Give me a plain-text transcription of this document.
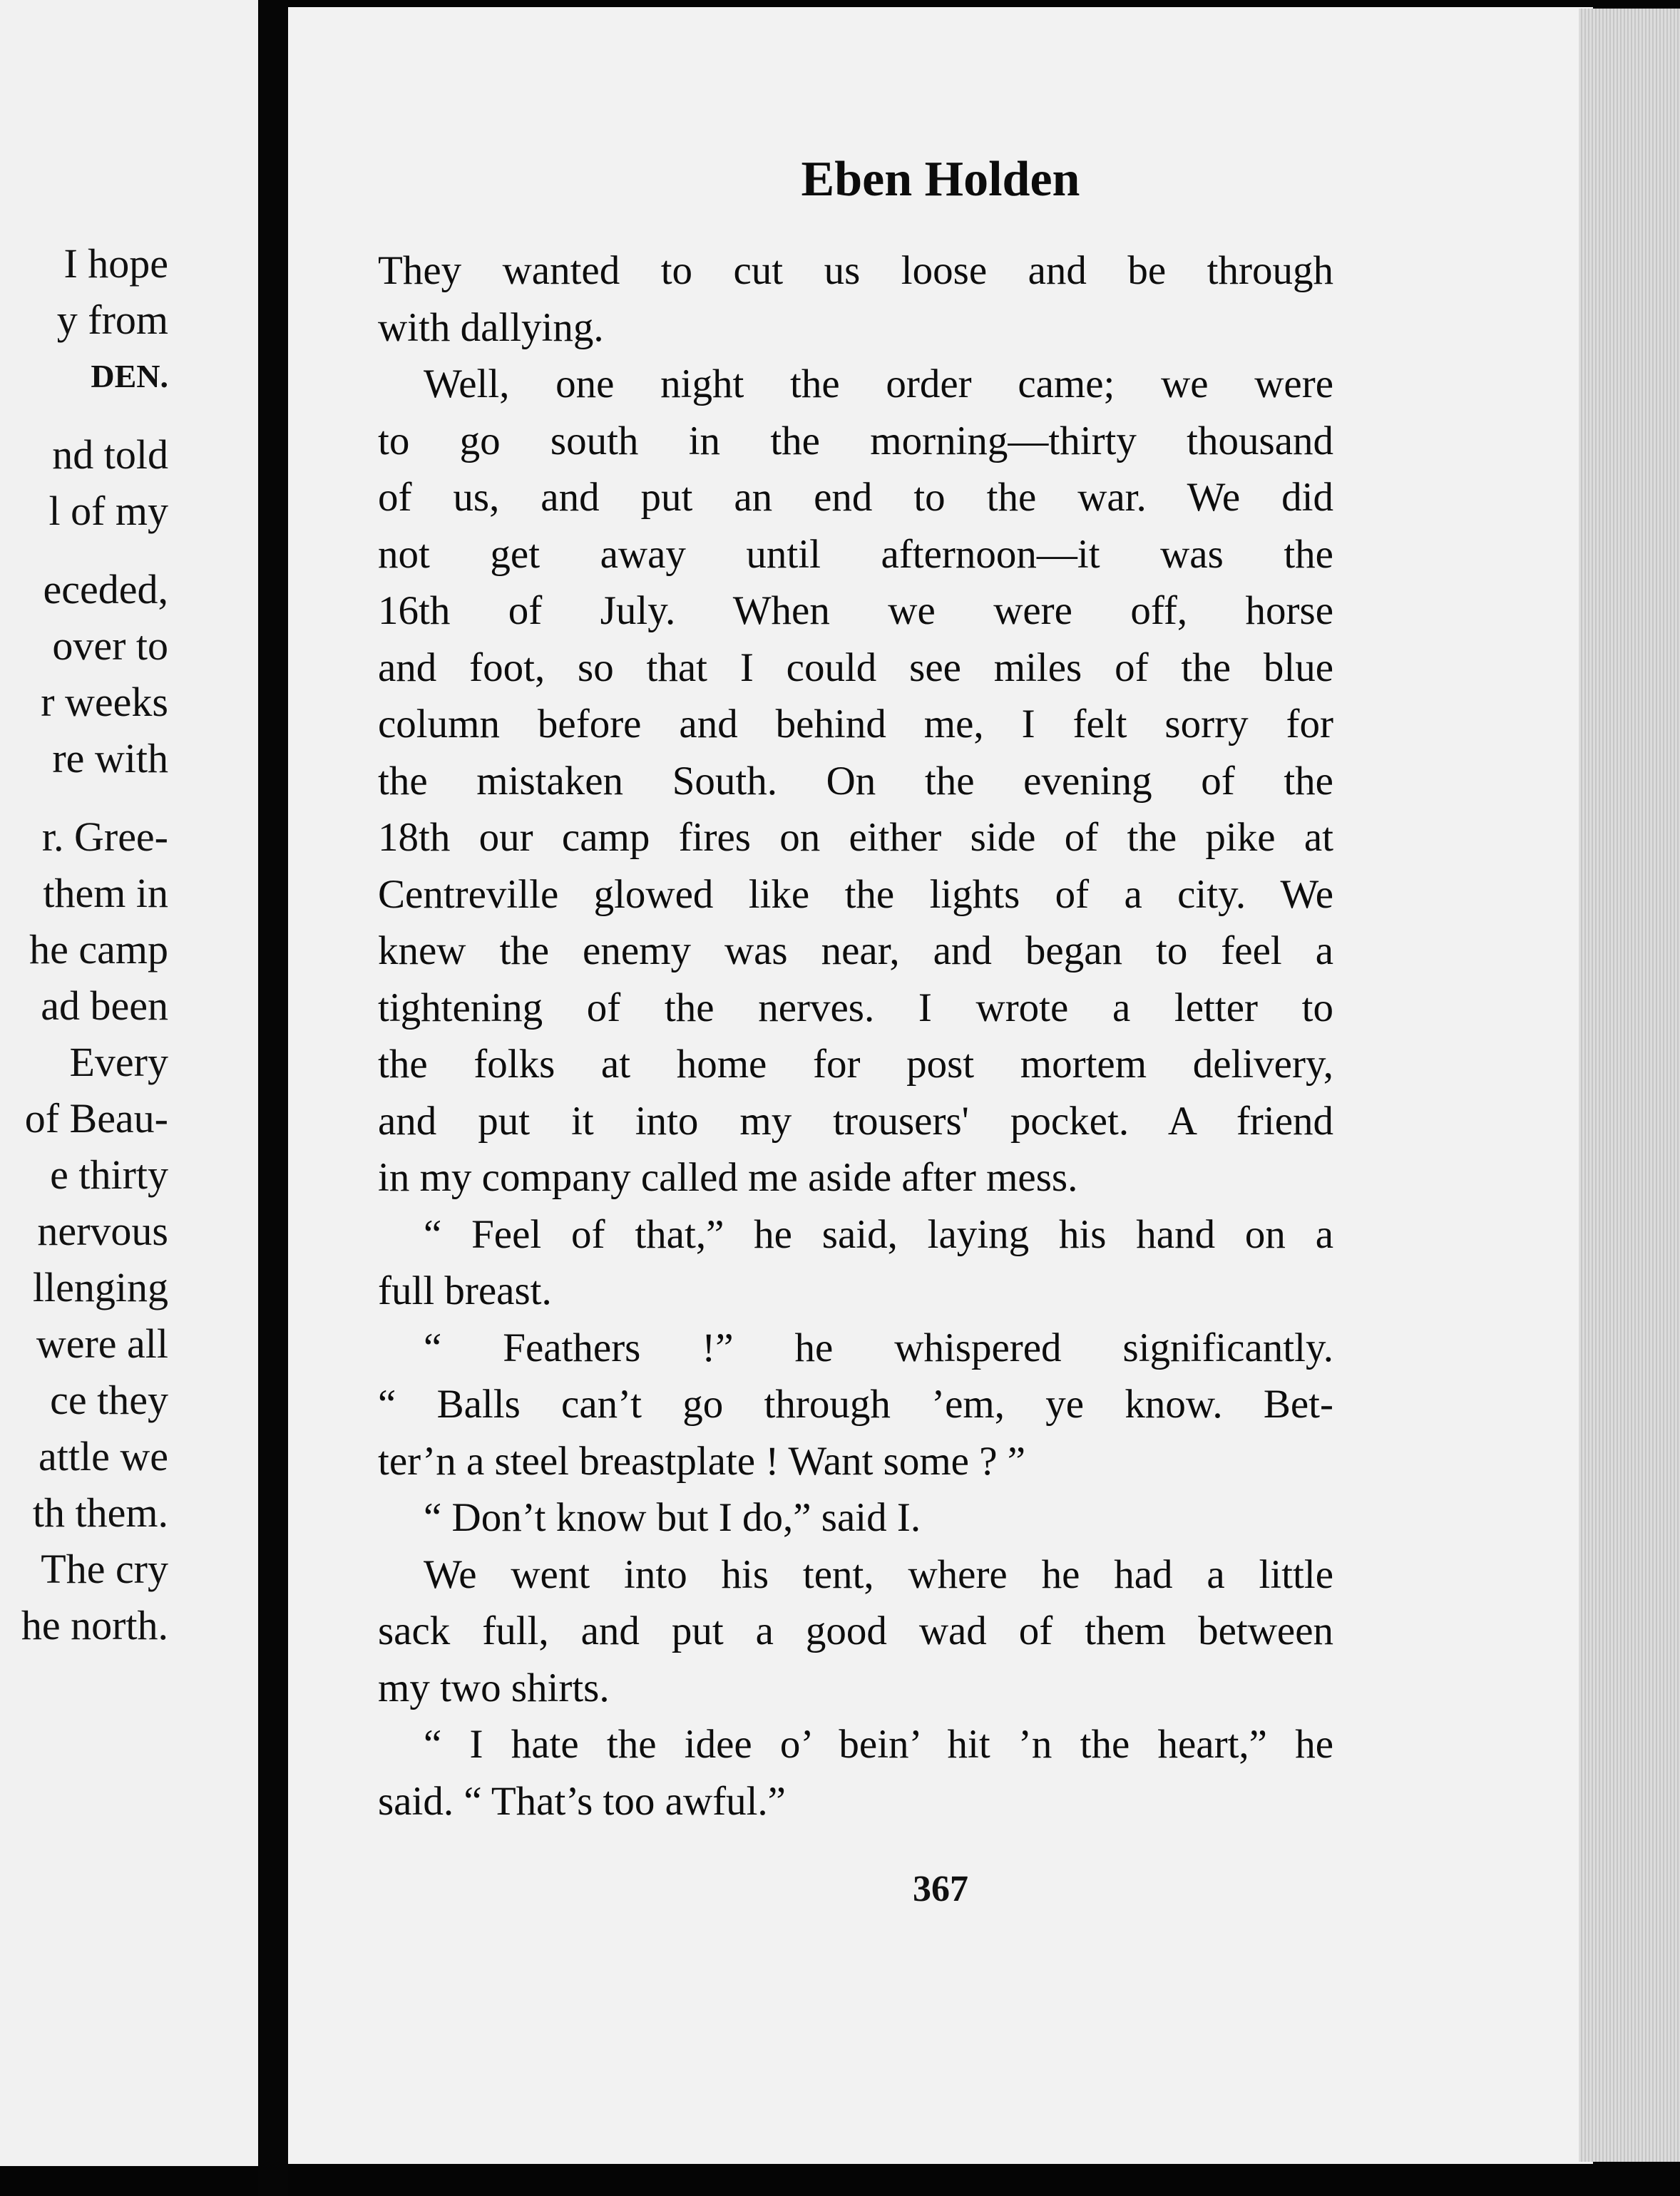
I hope
y from
DEN.
nd told
l of my
eceded,
over to
r weeks
re with
r. Gree-
them in
he camp
ad been
Every
of Beau-
e thirty
nervous
llenging
were all
ce they
attle we
th them.
The cry
he north.
Eben Holden
They wanted to cut us loose and be through
with dallying.
Well, one night the order came; we were
to go south in the morning—thirty thousand
of us, and put an end to the war. We did
not get away until afternoon—it was the
16th of July. When we were off, horse
and foot, so that I could see miles of the blue
column before and behind me, I felt sorry for
the mistaken South. On the evening of the
18th our camp fires on either side of the pike at
Centreville glowed like the lights of a city. We
knew the enemy was near, and began to feel a
tightening of the nerves. I wrote a letter to
the folks at home for post mortem delivery,
and put it into my trousers' pocket. A friend
in my company called me aside after mess.
“ Feel of that,” he said, laying his hand on a
full breast.
“ Feathers !” he whispered significantly.
“ Balls can’t go through ’em, ye know. Bet-
ter’n a steel breastplate ! Want some ? ”
“ Don’t know but I do,” said I.
We went into his tent, where he had a little
sack full, and put a good wad of them between
my two shirts.
“ I hate the idee o’ bein’ hit ’n the heart,” he
said. “ That’s too awful.”
367
